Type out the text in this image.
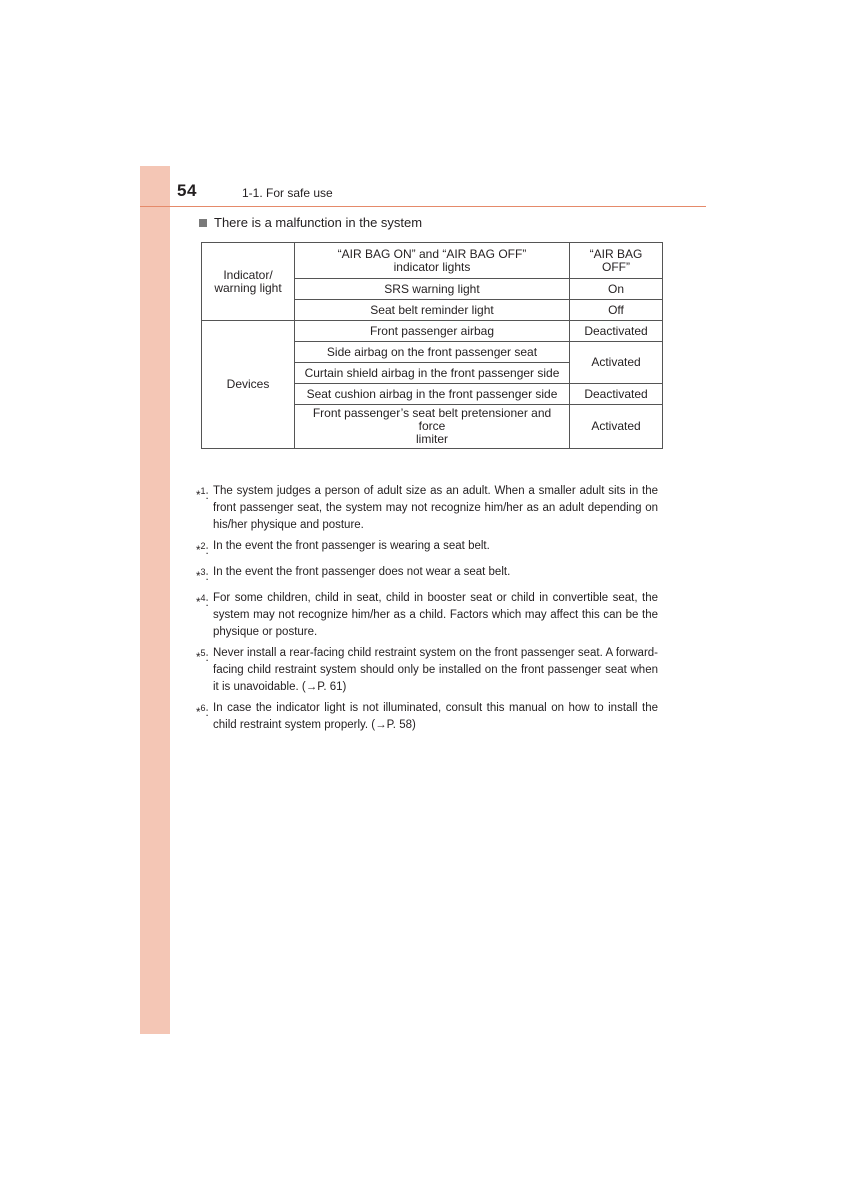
54	1-1. For safe use
There is a malfunction in the system
Indicator/
warning light	“AIR BAG ON” and “AIR BAG OFF”
indicator lights	“AIR BAG
OFF”
	SRS warning light	On
	Seat belt reminder light	Off
Devices	Front passenger airbag	Deactivated
	Side airbag on the front passenger seat	Activated
	Curtain shield airbag in the front passenger side	
	Seat cushion airbag in the front passenger side	Deactivated
	Front passenger’s seat belt pretensioner and force
limiter	Activated
*$^1$: The system judges a person of adult size as an adult. When a smaller adult sits in the front passenger seat, the system may not recognize him/her as an adult depending on his/her physique and posture.
*$^2$: In the event the front passenger is wearing a seat belt.
*$^3$: In the event the front passenger does not wear a seat belt.
*$^4$: For some children, child in seat, child in booster seat or child in convertible seat, the system may not recognize him/her as a child. Factors which may affect this can be the physique or posture.
*$^5$: Never install a rear-facing child restraint system on the front passenger seat. A forward-facing child restraint system should only be installed on the front passenger seat when it is unavoidable. (→P. 61)
*$^6$: In case the indicator light is not illuminated, consult this manual on how to install the child restraint system properly. (→P. 58)
